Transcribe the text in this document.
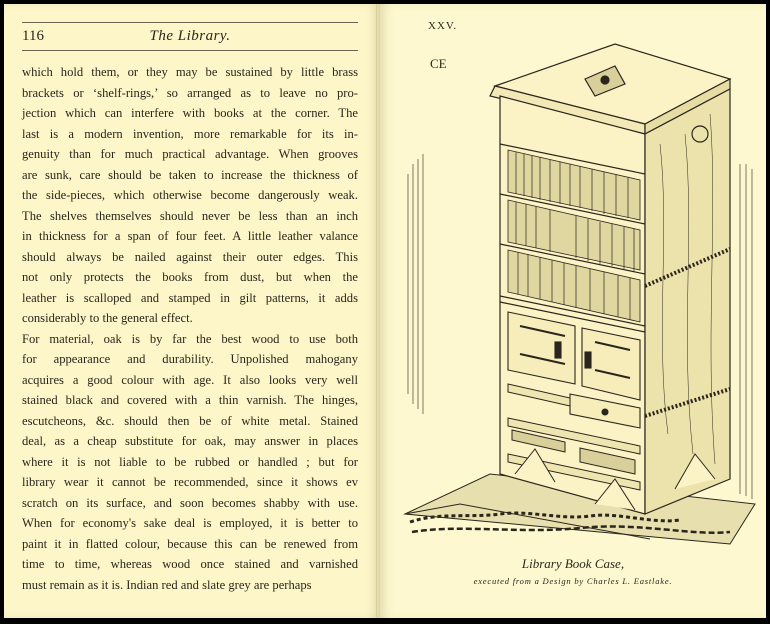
116	The Library.
which hold them, or they may be sustained by little brass
brackets or ‘shelf-rings,’ so arranged as to leave no pro-
jection which can interfere with books at the corner. The
last is a modern invention, more remarkable for its in-
genuity than for much practical advantage. When grooves
are sunk, care should be taken to increase the thickness of
the side-pieces, which otherwise become dangerously weak.
The shelves themselves should never be less than an inch
in thickness for a span of four feet. A little leather valance
should always be nailed against their outer edges. This
not only protects the books from dust, but when the
leather is scalloped and stamped in gilt patterns, it adds
considerably to the general effect.
For material, oak is by far the best wood to use both
for appearance and durability. Unpolished mahogany
acquires a good colour with age. It also looks very well
stained black and covered with a thin varnish. The hinges,
escutcheons, &c. should then be of white metal. Stained
deal, as a cheap substitute for oak, may answer in places
where it is not liable to be rubbed or handled ; but for
library wear it cannot be recommended, since it shows ev
scratch on its surface, and soon becomes shabby with use.
When for economy's sake deal is employed, it is better to
paint it in flatted colour, because this can be renewed from
time to time, whereas wood once stained and varnished
must remain as it is. Indian red and slate grey are perhaps
XXV.
CE
Library Book Case,
executed from a Design by Charles L. Eastlake.
